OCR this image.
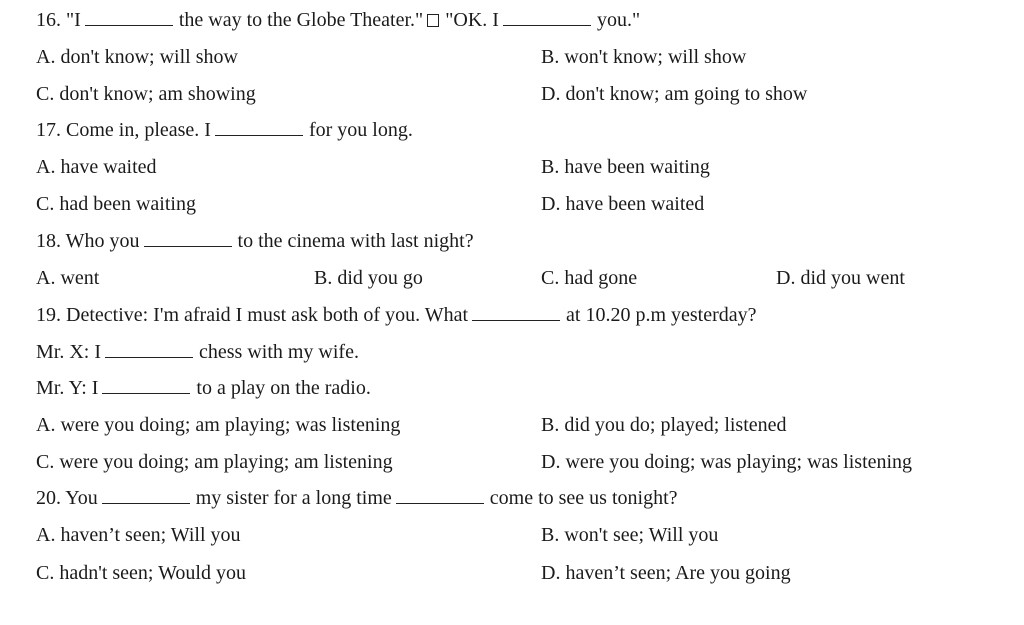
16. "I	the way to the Globe Theater." "OK. I	you."
A. don't know; will show	B. won't know; will show
C. don't know; am showing	D. don't know; am going to show
17. Come in, please. I	for you long.
A. have waited	B. have been waiting
C. had been waiting	D. have been waited
18. Who you	to the cinema with last night?
A. went	B. did you go	C. had gone	D. did you went
19. Detective: I'm afraid I must ask both of you. What	at 10.20 p.m yesterday?
Mr. X: I	chess with my wife.
Mr. Y: I	to a play on the radio.
A. were you doing; am playing; was listening	B. did you do; played; listened
C. were you doing; am playing; am listening	D. were you doing; was playing; was listening
20. You	my sister for a long time	come to see us tonight?
A. haven’t seen; Will you	B. won't see; Will you
C. hadn't seen; Would you	D. haven’t seen; Are you going
